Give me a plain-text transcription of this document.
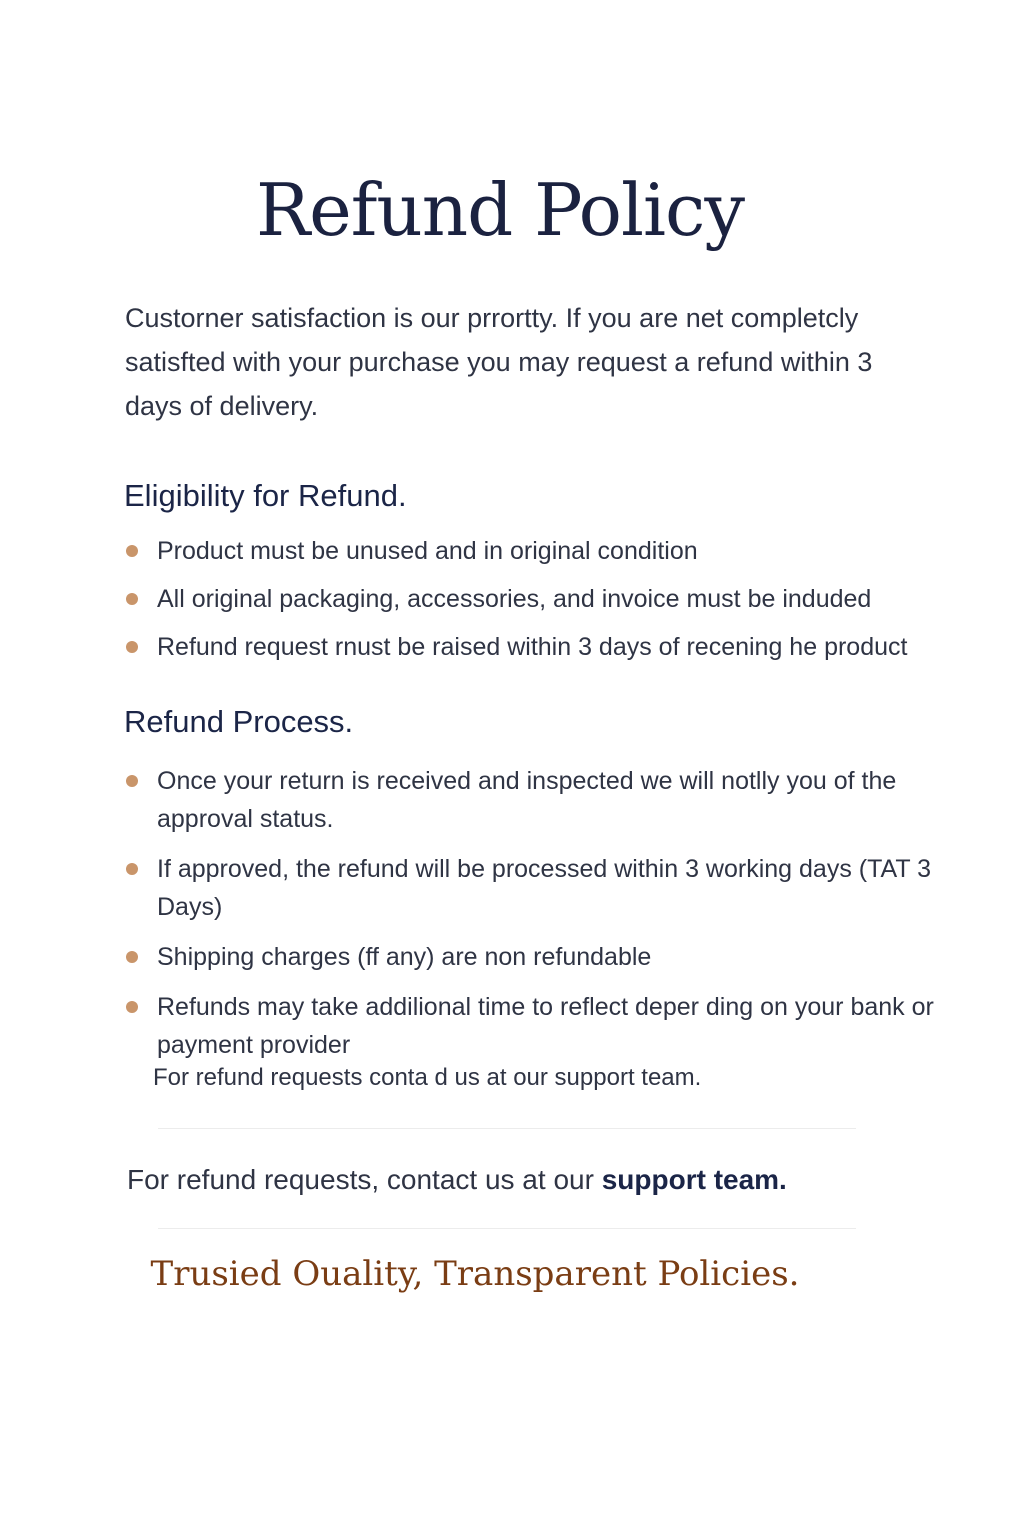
Refund Policy

Custorner satisfaction is our prrortty. If you are net completcly satisfted with your purchase you may request a refund within 3 days of delivery.

Eligibility for Refund.
Product must be unused and in original condition
All original packaging, accessories, and invoice must be induded
Refund request rnust be raised within 3 days of recening he product
Refund Process.
Once your return is received and inspected we will notlly you of the approval status.
If approved, the refund will be processed within 3 working days (TAT 3 Days)
Shipping charges (ff any) are non refundable
Refunds may take addilional time to reflect deper ding on your bank or payment provider

For refund requests conta d us at our support team.

For refund requests, contact us at our support team.

Trusied Ouality, Transparent Policies.
